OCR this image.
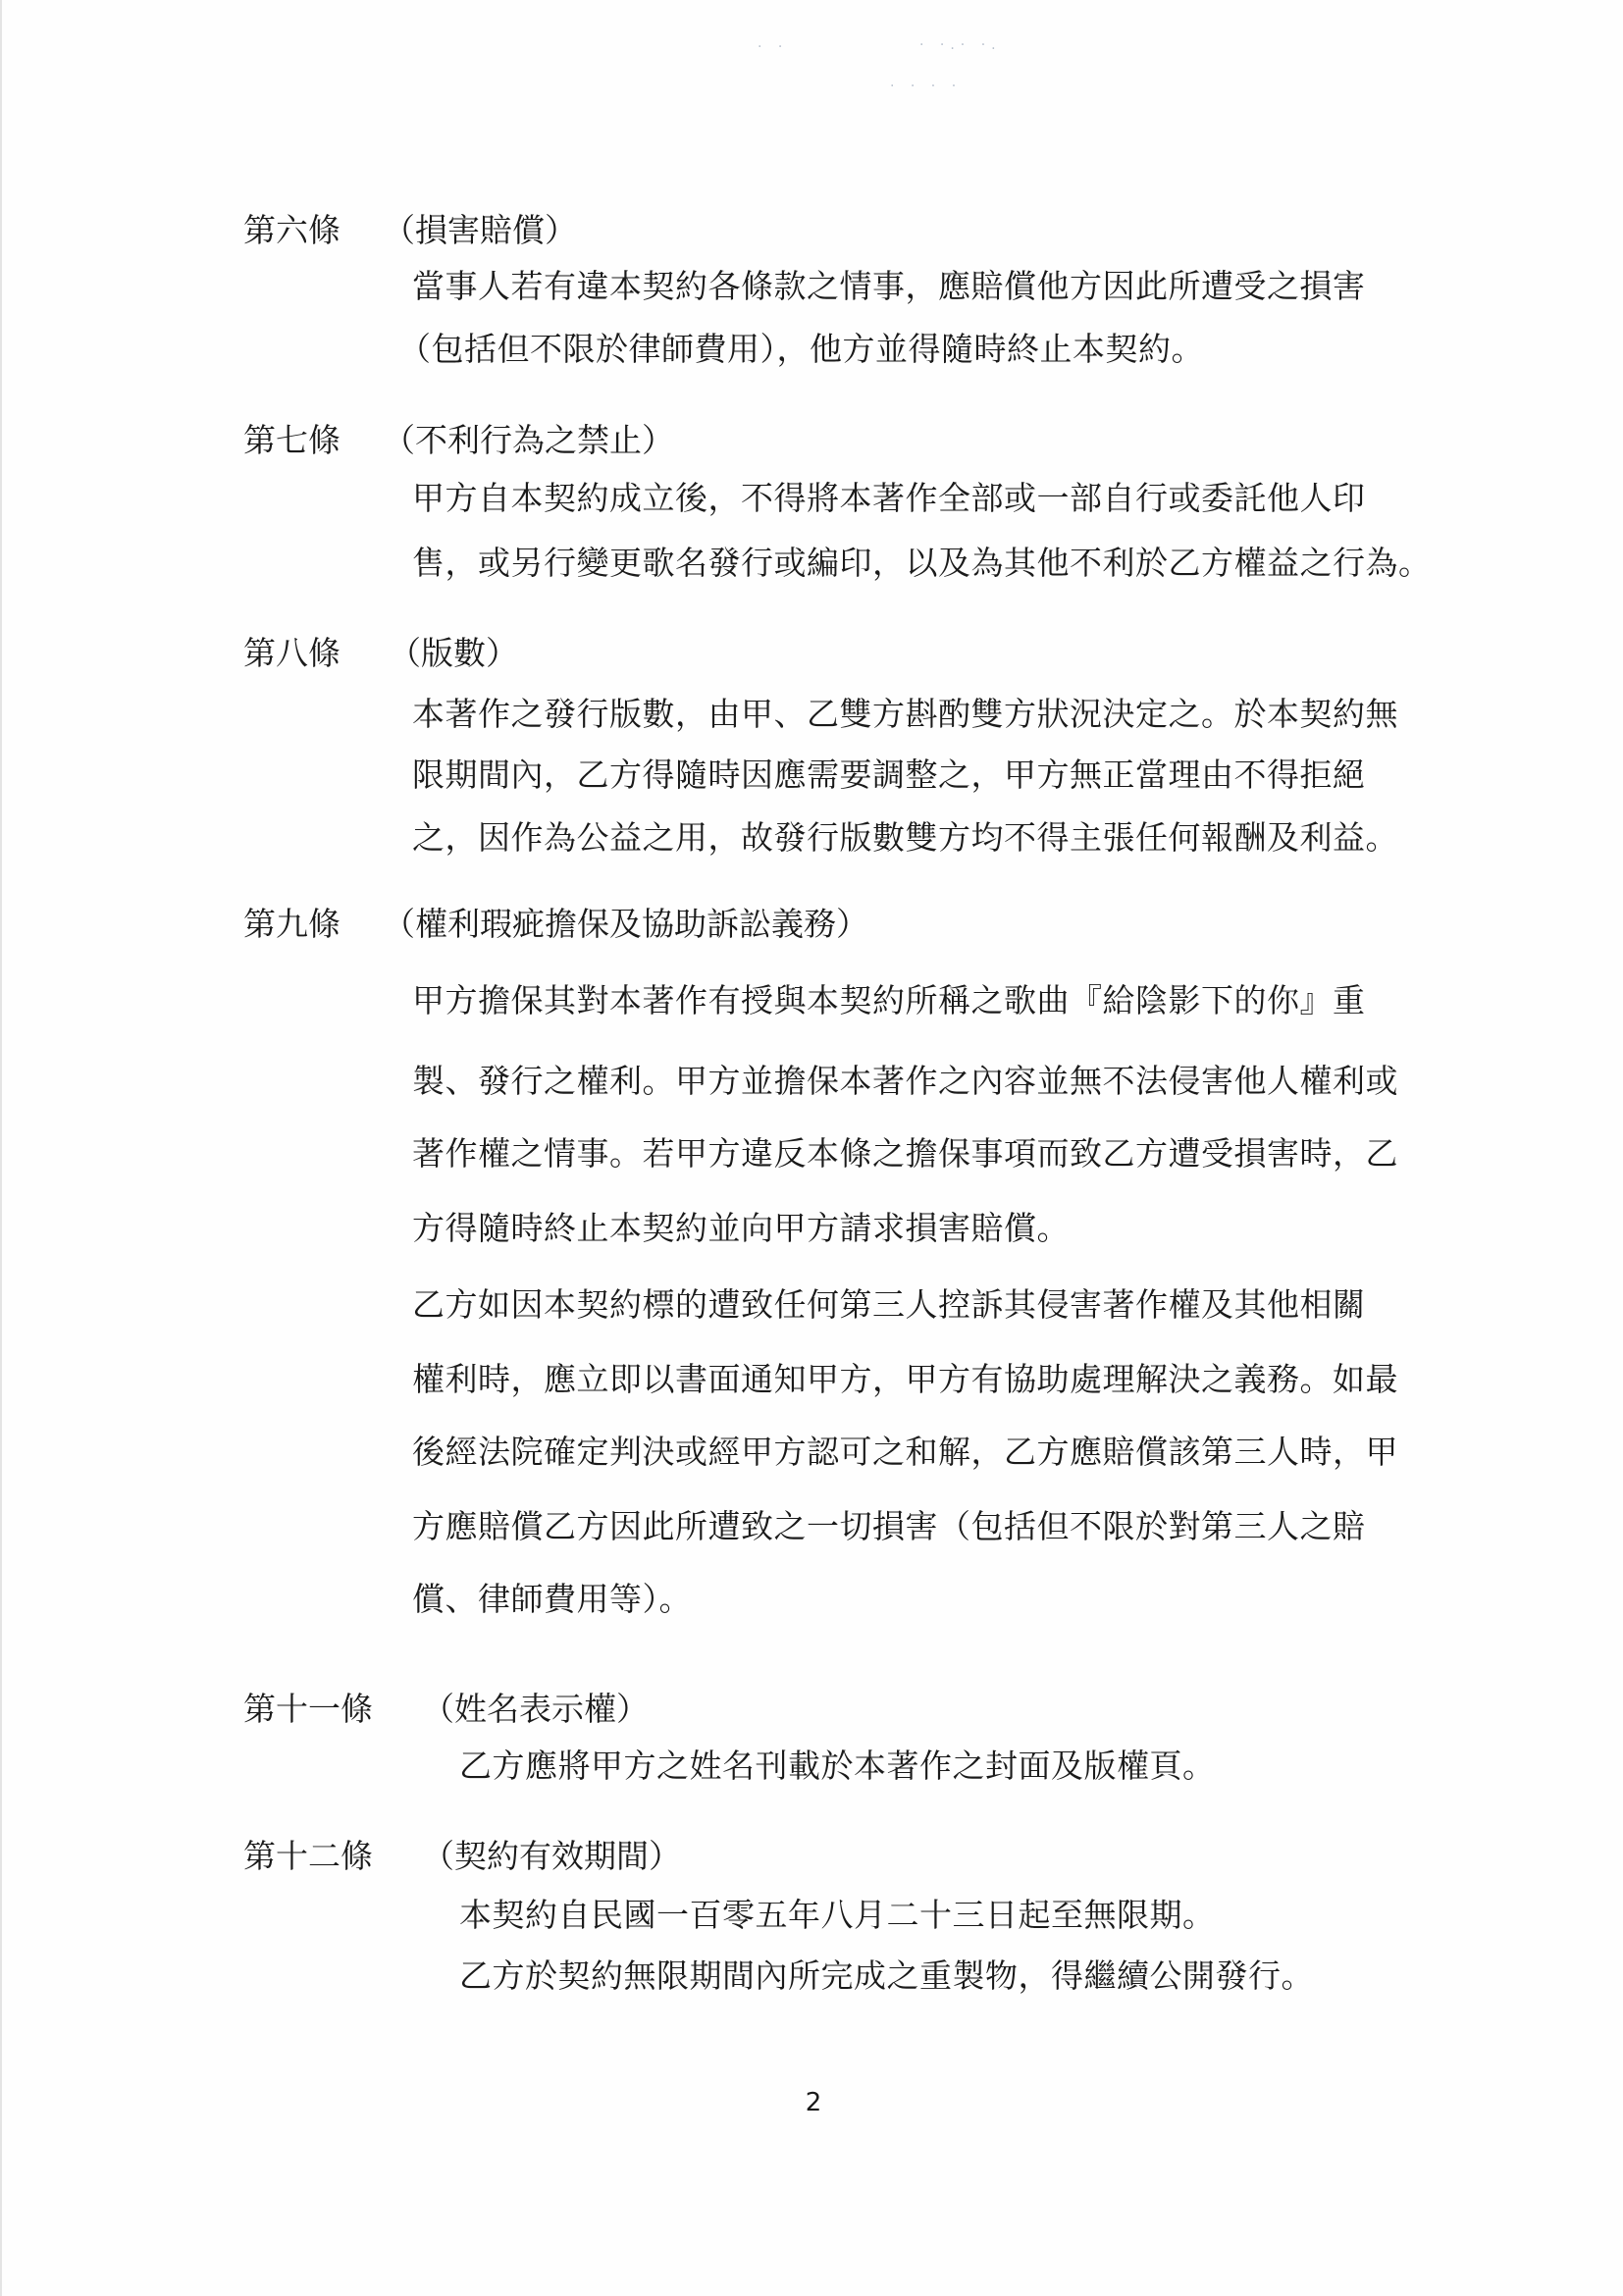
· ·	· ·.· ·.
· · · ·
第六條 （損害賠償）
當事人若有違本契約各條款之情事，應賠償他方因此所遭受之損害
（包括但不限於律師費用），他方並得隨時終止本契約。
第七條 （不利行為之禁止）
甲方自本契約成立後，不得將本著作全部或一部自行或委託他人印
售，或另行變更歌名發行或編印，以及為其他不利於乙方權益之行為。
第八條 （版數）
本著作之發行版數，由甲、乙雙方斟酌雙方狀況決定之。於本契約無
限期間內，乙方得隨時因應需要調整之，甲方無正當理由不得拒絕
之，因作為公益之用，故發行版數雙方均不得主張任何報酬及利益。
第九條 （權利瑕疵擔保及協助訴訟義務）
甲方擔保其對本著作有授與本契約所稱之歌曲『給陰影下的你』重
製、發行之權利。甲方並擔保本著作之內容並無不法侵害他人權利或
著作權之情事。若甲方違反本條之擔保事項而致乙方遭受損害時，乙
方得隨時終止本契約並向甲方請求損害賠償。
乙方如因本契約標的遭致任何第三人控訴其侵害著作權及其他相關
權利時，應立即以書面通知甲方，甲方有協助處理解決之義務。如最
後經法院確定判決或經甲方認可之和解，乙方應賠償該第三人時，甲
方應賠償乙方因此所遭致之一切損害（包括但不限於對第三人之賠
償、律師費用等）。
第十一條 （姓名表示權）
乙方應將甲方之姓名刊載於本著作之封面及版權頁。
第十二條 （契約有效期間）
本契約自民國一百零五年八月二十三日起至無限期。
乙方於契約無限期間內所完成之重製物，得繼續公開發行。
2
